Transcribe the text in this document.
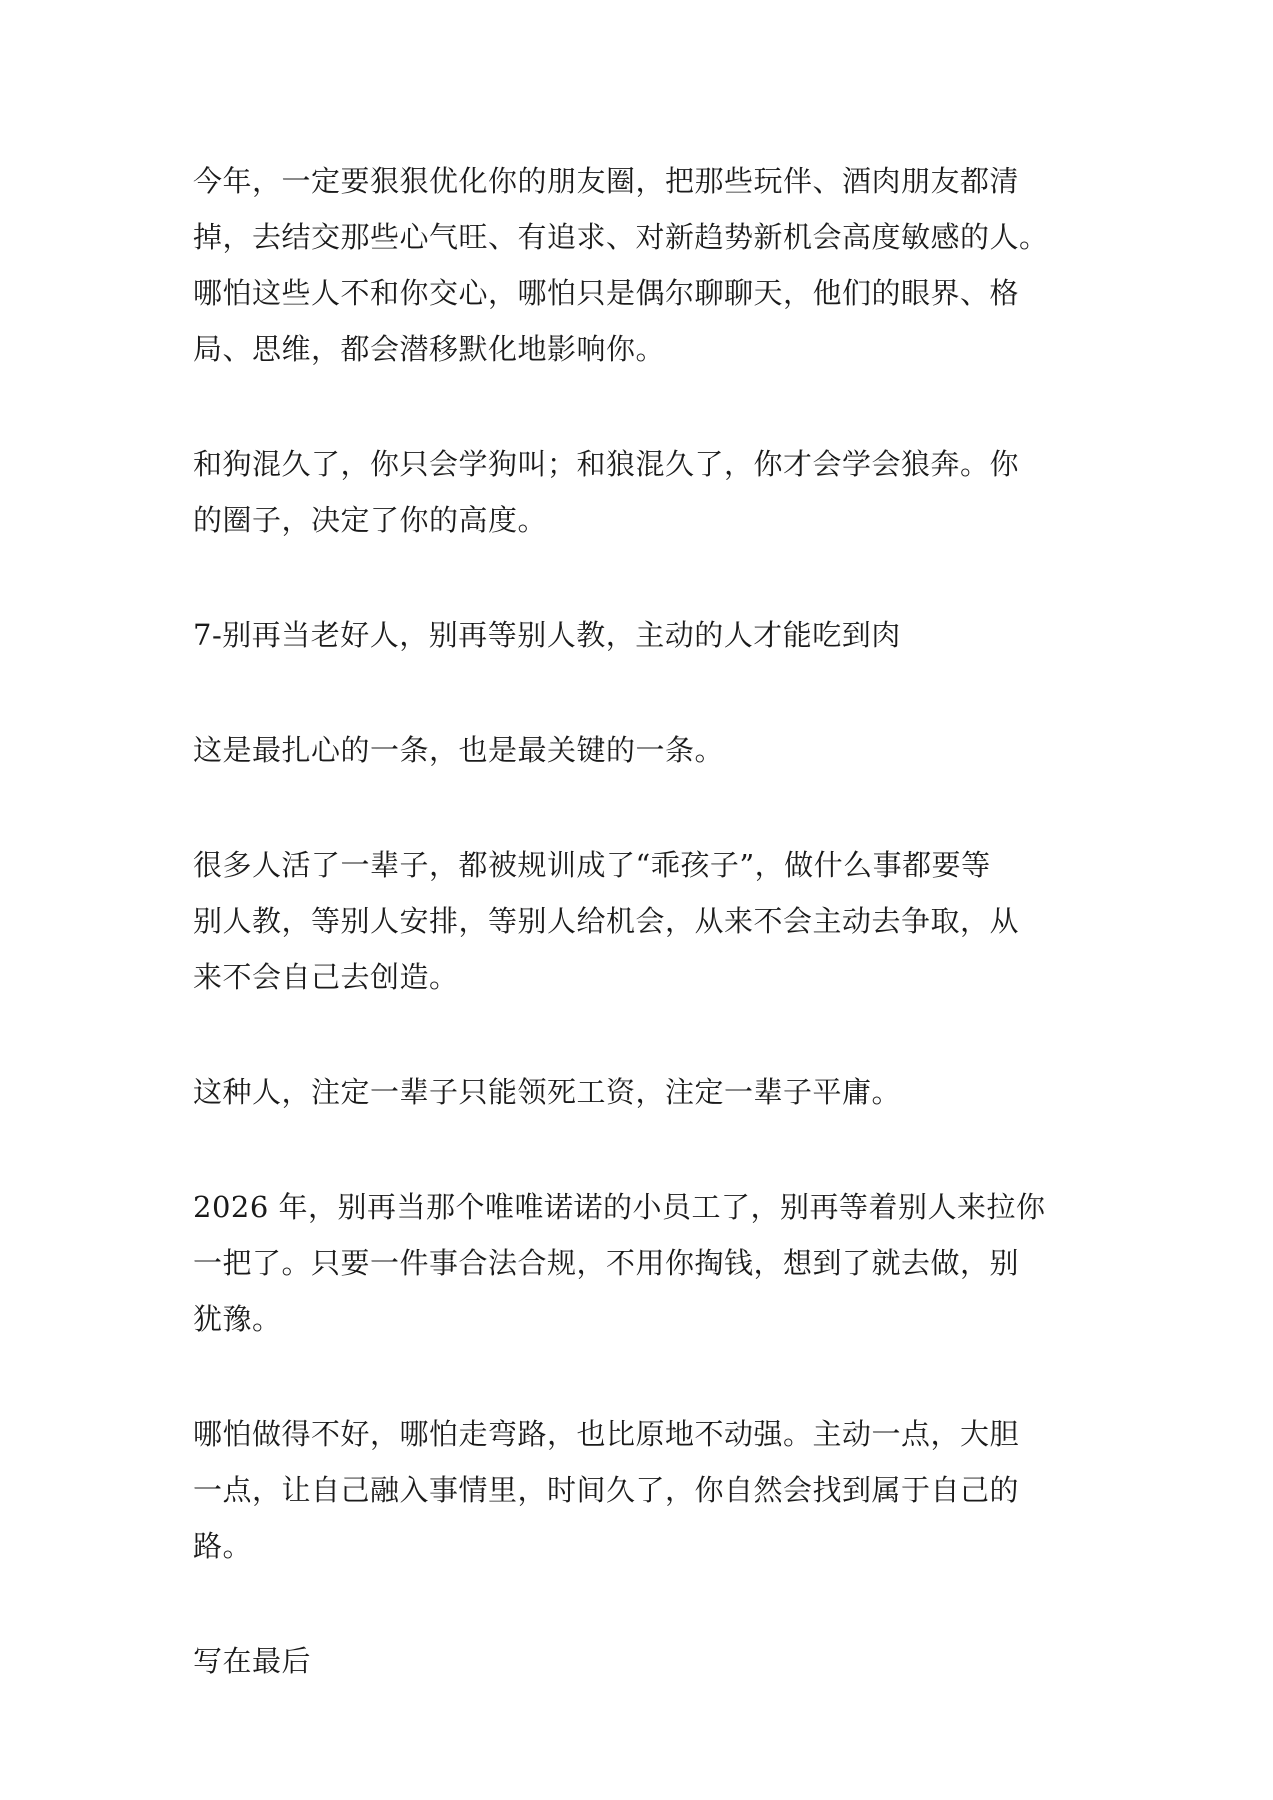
今年，一定要狠狠优化你的朋友圈，把那些玩伴、酒肉朋友都清
掉，去结交那些心气旺、有追求、对新趋势新机会高度敏感的人。
哪怕这些人不和你交心，哪怕只是偶尔聊聊天，他们的眼界、格
局、思维，都会潜移默化地影响你。

和狗混久了，你只会学狗叫；和狼混久了，你才会学会狼奔。你
的圈子，决定了你的高度。

7-别再当老好人，别再等别人教，主动的人才能吃到肉

这是最扎心的一条，也是最关键的一条。

很多人活了一辈子，都被规训成了“乖孩子”，做什么事都要等
别人教，等别人安排，等别人给机会，从来不会主动去争取，从
来不会自己去创造。

这种人，注定一辈子只能领死工资，注定一辈子平庸。

2026 年，别再当那个唯唯诺诺的小员工了，别再等着别人来拉你
一把了。只要一件事合法合规，不用你掏钱，想到了就去做，别
犹豫。

哪怕做得不好，哪怕走弯路，也比原地不动强。主动一点，大胆
一点，让自己融入事情里，时间久了，你自然会找到属于自己的
路。

写在最后
